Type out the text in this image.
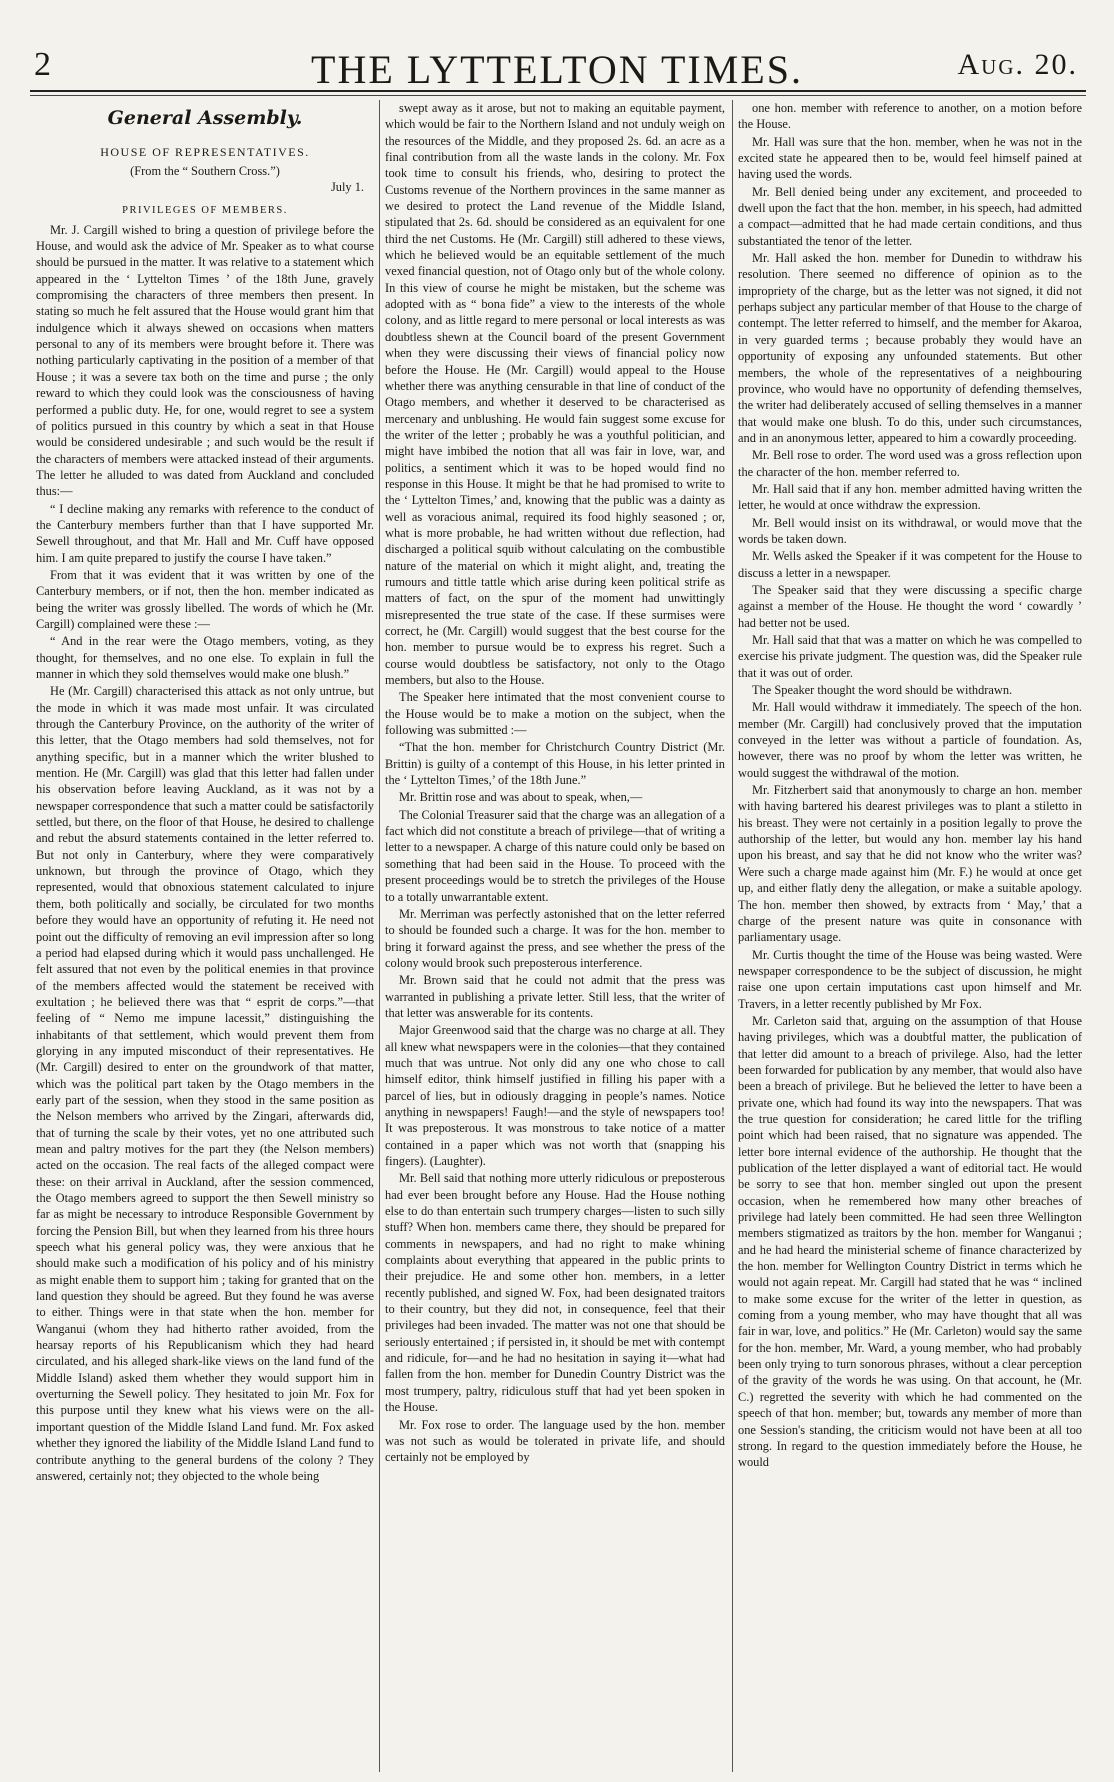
2	THE LYTTELTON TIMES.	Aug. 20.

General Assembly.

HOUSE OF REPRESENTATIVES.

(From the “ Southern Cross.”)

July 1.

PRIVILEGES OF MEMBERS.

Mr. J. Cargill wished to bring a question of privilege before the House, and would ask the advice of Mr. Speaker as to what course should be pursued in the matter. It was relative to a statement which appeared in the ‘ Lyttelton Times ’ of the 18th June, gravely compromising the characters of three members then present. In stating so much he felt assured that the House would grant him that indulgence which it always shewed on occasions when matters personal to any of its members were brought before it. There was nothing particularly captivating in the position of a member of that House ; it was a severe tax both on the time and purse ; the only reward to which they could look was the consciousness of having performed a public duty. He, for one, would regret to see a system of politics pursued in this country by which a seat in that House would be considered undesirable ; and such would be the result if the characters of members were attacked instead of their arguments. The letter he alluded to was dated from Auckland and concluded thus:—

“ I decline making any remarks with reference to the conduct of the Canterbury members further than that I have supported Mr. Sewell throughout, and that Mr. Hall and Mr. Cuff have opposed him. I am quite prepared to justify the course I have taken.”

From that it was evident that it was written by one of the Canterbury members, or if not, then the hon. member indicated as being the writer was grossly libelled. The words of which he (Mr. Cargill) complained were these :—

“ And in the rear were the Otago members, voting, as they thought, for themselves, and no one else. To explain in full the manner in which they sold themselves would make one blush.”

He (Mr. Cargill) characterised this attack as not only untrue, but the mode in which it was made most unfair. It was circulated through the Canterbury Province, on the authority of the writer of this letter, that the Otago members had sold themselves, not for anything specific, but in a manner which the writer blushed to mention. He (Mr. Cargill) was glad that this letter had fallen under his observation before leaving Auckland, as it was not by a newspaper correspondence that such a matter could be satisfactorily settled, but there, on the floor of that House, he desired to challenge and rebut the absurd statements contained in the letter referred to. But not only in Canterbury, where they were comparatively unknown, but through the province of Otago, which they represented, would that obnoxious statement calculated to injure them, both politically and socially, be circulated for two months before they would have an opportunity of refuting it. He need not point out the difficulty of removing an evil impression after so long a period had elapsed during which it would pass unchallenged. He felt assured that not even by the political enemies in that province of the members affected would the statement be received with exultation ; he believed there was that “ esprit de corps.”—that feeling of “ Nemo me impune lacessit,” distinguishing the inhabitants of that settlement, which would prevent them from glorying in any imputed misconduct of their representatives. He (Mr. Cargill) desired to enter on the groundwork of that matter, which was the political part taken by the Otago members in the early part of the session, when they stood in the same position as the Nelson members who arrived by the Zingari, afterwards did, that of turning the scale by their votes, yet no one attributed such mean and paltry motives for the part they (the Nelson members) acted on the occasion. The real facts of the alleged compact were these: on their arrival in Auckland, after the session commenced, the Otago members agreed to support the then Sewell ministry so far as might be necessary to introduce Responsible Government by forcing the Pension Bill, but when they learned from his three hours speech what his general policy was, they were anxious that he should make such a modification of his policy and of his ministry as might enable them to support him ; taking for granted that on the land question they should be agreed. But they found he was averse to either. Things were in that state when the hon. member for Wanganui (whom they had hitherto rather avoided, from the hearsay reports of his Republicanism which they had heard circulated, and his alleged shark-like views on the land fund of the Middle Island) asked them whether they would support him in overturning the Sewell policy. They hesitated to join Mr. Fox for this purpose until they knew what his views were on the all-important question of the Middle Island Land fund. Mr. Fox asked whether they ignored the liability of the Middle Island Land fund to contribute anything to the general burdens of the colony ? They answered, certainly not; they objected to the whole being

swept away as it arose, but not to making an equitable payment, which would be fair to the Northern Island and not unduly weigh on the resources of the Middle, and they proposed 2s. 6d. an acre as a final contribution from all the waste lands in the colony. Mr. Fox took time to consult his friends, who, desiring to protect the Customs revenue of the Northern provinces in the same manner as we desired to protect the Land revenue of the Middle Island, stipulated that 2s. 6d. should be considered as an equivalent for one third the net Customs. He (Mr. Cargill) still adhered to these views, which he believed would be an equitable settlement of the much vexed financial question, not of Otago only but of the whole colony. In this view of course he might be mistaken, but the scheme was adopted with as “ bona fide” a view to the interests of the whole colony, and as little regard to mere personal or local interests as was doubtless shewn at the Council board of the present Government when they were discussing their views of financial policy now before the House. He (Mr. Cargill) would appeal to the House whether there was anything censurable in that line of conduct of the Otago members, and whether it deserved to be characterised as mercenary and unblushing. He would fain suggest some excuse for the writer of the letter ; probably he was a youthful politician, and might have imbibed the notion that all was fair in love, war, and politics, a sentiment which it was to be hoped would find no response in this House. It might be that he had promised to write to the ‘ Lyttelton Times,’ and, knowing that the public was a dainty as well as voracious animal, required its food highly seasoned ; or, what is more probable, he had written without due reflection, had discharged a political squib without calculating on the combustible nature of the material on which it might alight, and, treating the rumours and tittle tattle which arise during keen political strife as matters of fact, on the spur of the moment had unwittingly misrepresented the true state of the case. If these surmises were correct, he (Mr. Cargill) would suggest that the best course for the hon. member to pursue would be to express his regret. Such a course would doubtless be satisfactory, not only to the Otago members, but also to the House.

The Speaker here intimated that the most convenient course to the House would be to make a motion on the subject, when the following was submitted :—

“That the hon. member for Christchurch Country District (Mr. Brittin) is guilty of a contempt of this House, in his letter printed in the ‘ Lyttelton Times,’ of the 18th June.”

Mr. Brittin rose and was about to speak, when,—

The Colonial Treasurer said that the charge was an allegation of a fact which did not constitute a breach of privilege—that of writing a letter to a newspaper. A charge of this nature could only be based on something that had been said in the House. To proceed with the present proceedings would be to stretch the privileges of the House to a totally unwarrantable extent.

Mr. Merriman was perfectly astonished that on the letter referred to should be founded such a charge. It was for the hon. member to bring it forward against the press, and see whether the press of the colony would brook such preposterous interference.

Mr. Brown said that he could not admit that the press was warranted in publishing a private letter. Still less, that the writer of that letter was answerable for its contents.

Major Greenwood said that the charge was no charge at all. They all knew what newspapers were in the colonies—that they contained much that was untrue. Not only did any one who chose to call himself editor, think himself justified in filling his paper with a parcel of lies, but in odiously dragging in people’s names. Notice anything in newspapers! Faugh!—and the style of newspapers too! It was preposterous. It was monstrous to take notice of a matter contained in a paper which was not worth that (snapping his fingers). (Laughter).

Mr. Bell said that nothing more utterly ridiculous or preposterous had ever been brought before any House. Had the House nothing else to do than entertain such trumpery charges—listen to such silly stuff? When hon. members came there, they should be prepared for comments in newspapers, and had no right to make whining complaints about everything that appeared in the public prints to their prejudice. He and some other hon. members, in a letter recently published, and signed W. Fox, had been designated traitors to their country, but they did not, in consequence, feel that their privileges had been invaded. The matter was not one that should be seriously entertained ; if persisted in, it should be met with contempt and ridicule, for—and he had no hesitation in saying it—what had fallen from the hon. member for Dunedin Country District was the most trumpery, paltry, ridiculous stuff that had yet been spoken in the House.

Mr. Fox rose to order. The language used by the hon. member was not such as would be tolerated in private life, and should certainly not be employed by

one hon. member with reference to another, on a motion before the House.

Mr. Hall was sure that the hon. member, when he was not in the excited state he appeared then to be, would feel himself pained at having used the words.

Mr. Bell denied being under any excitement, and proceeded to dwell upon the fact that the hon. member, in his speech, had admitted a compact—admitted that he had made certain conditions, and thus substantiated the tenor of the letter.

Mr. Hall asked the hon. member for Dunedin to withdraw his resolution. There seemed no difference of opinion as to the impropriety of the charge, but as the letter was not signed, it did not perhaps subject any particular member of that House to the charge of contempt. The letter referred to himself, and the member for Akaroa, in very guarded terms ; because probably they would have an opportunity of exposing any unfounded statements. But other members, the whole of the representatives of a neighbouring province, who would have no opportunity of defending themselves, the writer had deliberately accused of selling themselves in a manner that would make one blush. To do this, under such circumstances, and in an anonymous letter, appeared to him a cowardly proceeding.

Mr. Bell rose to order. The word used was a gross reflection upon the character of the hon. member referred to.

Mr. Hall said that if any hon. member admitted having written the letter, he would at once withdraw the expression.

Mr. Bell would insist on its withdrawal, or would move that the words be taken down.

Mr. Wells asked the Speaker if it was competent for the House to discuss a letter in a newspaper.

The Speaker said that they were discussing a specific charge against a member of the House. He thought the word ‘ cowardly ’ had better not be used.

Mr. Hall said that that was a matter on which he was compelled to exercise his private judgment. The question was, did the Speaker rule that it was out of order.

The Speaker thought the word should be withdrawn.

Mr. Hall would withdraw it immediately. The speech of the hon. member (Mr. Cargill) had conclusively proved that the imputation conveyed in the letter was without a particle of foundation. As, however, there was no proof by whom the letter was written, he would suggest the withdrawal of the motion.

Mr. Fitzherbert said that anonymously to charge an hon. member with having bartered his dearest privileges was to plant a stiletto in his breast. They were not certainly in a position legally to prove the authorship of the letter, but would any hon. member lay his hand upon his breast, and say that he did not know who the writer was? Were such a charge made against him (Mr. F.) he would at once get up, and either flatly deny the allegation, or make a suitable apology. The hon. member then showed, by extracts from ‘ May,’ that a charge of the present nature was quite in consonance with parliamentary usage.

Mr. Curtis thought the time of the House was being wasted. Were newspaper correspondence to be the subject of discussion, he might raise one upon certain imputations cast upon himself and Mr. Travers, in a letter recently published by Mr Fox.

Mr. Carleton said that, arguing on the assumption of that House having privileges, which was a doubtful matter, the publication of that letter did amount to a breach of privilege. Also, had the letter been forwarded for publication by any member, that would also have been a breach of privilege. But he believed the letter to have been a private one, which had found its way into the newspapers. That was the true question for consideration; he cared little for the trifling point which had been raised, that no signature was appended. The letter bore internal evidence of the authorship. He thought that the publication of the letter displayed a want of editorial tact. He would be sorry to see that hon. member singled out upon the present occasion, when he remembered how many other breaches of privilege had lately been committed. He had seen three Wellington members stigmatized as traitors by the hon. member for Wanganui ; and he had heard the ministerial scheme of finance characterized by the hon. member for Wellington Country District in terms which he would not again repeat. Mr. Cargill had stated that he was “ inclined to make some excuse for the writer of the letter in question, as coming from a young member, who may have thought that all was fair in war, love, and politics.” He (Mr. Carleton) would say the same for the hon. member, Mr. Ward, a young member, who had probably been only trying to turn sonorous phrases, without a clear perception of the gravity of the words he was using. On that account, he (Mr. C.) regretted the severity with which he had commented on the speech of that hon. member; but, towards any member of more than one Session's standing, the criticism would not have been at all too strong. In regard to the question immediately before the House, he would
